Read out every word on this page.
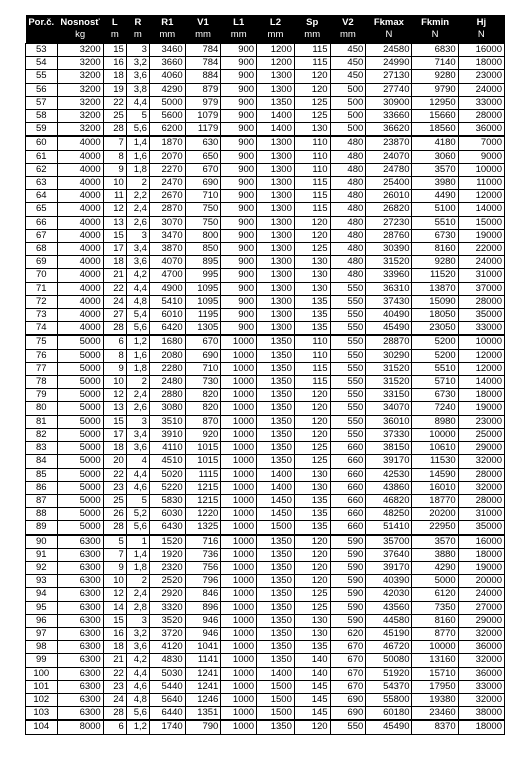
Por.č.	Nosnosť	L	R	R1	V1	L1	L2	Sp	V2	Fkmax	Fkmin	Hj
	kg	m	m	mm	mm	mm	mm	mm	mm	N	N	N
53	3200	15	3	3460	784	900	1200	115	450	24580	6830	16000
54	3200	16	3,2	3660	784	900	1200	115	450	24990	7140	18000
55	3200	18	3,6	4060	884	900	1300	120	450	27130	9280	23000
56	3200	19	3,8	4290	879	900	1300	120	500	27740	9790	24000
57	3200	22	4,4	5000	979	900	1350	125	500	30900	12950	33000
58	3200	25	5	5600	1079	900	1400	125	500	33660	15660	28000
59	3200	28	5,6	6200	1179	900	1400	130	500	36620	18560	36000
60	4000	7	1,4	1870	630	900	1300	110	480	23870	4180	7000
61	4000	8	1,6	2070	650	900	1300	110	480	24070	3060	9000
62	4000	9	1,8	2270	670	900	1300	110	480	24780	3570	10000
63	4000	10	2	2470	690	900	1300	115	480	25400	3980	11000
64	4000	11	2,2	2670	710	900	1300	115	480	26010	4490	12000
65	4000	12	2,4	2870	750	900	1300	115	480	26820	5100	14000
66	4000	13	2,6	3070	750	900	1300	120	480	27230	5510	15000
67	4000	15	3	3470	800	900	1300	120	480	28760	6730	19000
68	4000	17	3,4	3870	850	900	1300	125	480	30390	8160	22000
69	4000	18	3,6	4070	895	900	1300	130	480	31520	9280	24000
70	4000	21	4,2	4700	995	900	1300	130	480	33960	11520	31000
71	4000	22	4,4	4900	1095	900	1300	130	550	36310	13870	37000
72	4000	24	4,8	5410	1095	900	1300	135	550	37430	15090	28000
73	4000	27	5,4	6010	1195	900	1300	135	550	40490	18050	35000
74	4000	28	5,6	6420	1305	900	1300	135	550	45490	23050	33000
75	5000	6	1,2	1680	670	1000	1350	110	550	28870	5200	10000
76	5000	8	1,6	2080	690	1000	1350	110	550	30290	5200	12000
77	5000	9	1,8	2280	710	1000	1350	115	550	31520	5510	12000
78	5000	10	2	2480	730	1000	1350	115	550	31520	5710	14000
79	5000	12	2,4	2880	820	1000	1350	120	550	33150	6730	18000
80	5000	13	2,6	3080	820	1000	1350	120	550	34070	7240	19000
81	5000	15	3	3510	870	1000	1350	120	550	36010	8980	23000
82	5000	17	3,4	3910	920	1000	1350	120	550	37330	10000	25000
83	5000	18	3,6	4110	1015	1000	1350	125	660	38150	10610	29000
84	5000	20	4	4510	1015	1000	1350	125	660	39170	11530	32000
85	5000	22	4,4	5020	1115	1000	1400	130	660	42530	14590	28000
86	5000	23	4,6	5220	1215	1000	1400	130	660	43860	16010	32000
87	5000	25	5	5830	1215	1000	1450	135	660	46820	18770	28000
88	5000	26	5,2	6030	1220	1000	1450	135	660	48250	20200	31000
89	5000	28	5,6	6430	1325	1000	1500	135	660	51410	22950	35000
90	6300	5	1	1520	716	1000	1350	120	590	35700	3570	16000
91	6300	7	1,4	1920	736	1000	1350	120	590	37640	3880	18000
92	6300	9	1,8	2320	756	1000	1350	120	590	39170	4290	19000
93	6300	10	2	2520	796	1000	1350	120	590	40390	5000	20000
94	6300	12	2,4	2920	846	1000	1350	125	590	42030	6120	24000
95	6300	14	2,8	3320	896	1000	1350	125	590	43560	7350	27000
96	6300	15	3	3520	946	1000	1350	130	590	44580	8160	29000
97	6300	16	3,2	3720	946	1000	1350	130	620	45190	8770	32000
98	6300	18	3,6	4120	1041	1000	1350	135	670	46720	10000	36000
99	6300	21	4,2	4830	1141	1000	1350	140	670	50080	13160	32000
100	6300	22	4,4	5030	1241	1000	1400	140	670	51920	15710	36000
101	6300	23	4,6	5440	1241	1000	1500	145	670	54370	17950	33000
102	6300	24	4,8	5640	1246	1000	1500	145	690	55800	19380	32000
103	6300	28	5,6	6440	1351	1000	1500	145	690	60180	23460	38000
104	8000	6	1,2	1740	790	1000	1350	120	550	45490	8370	18000
